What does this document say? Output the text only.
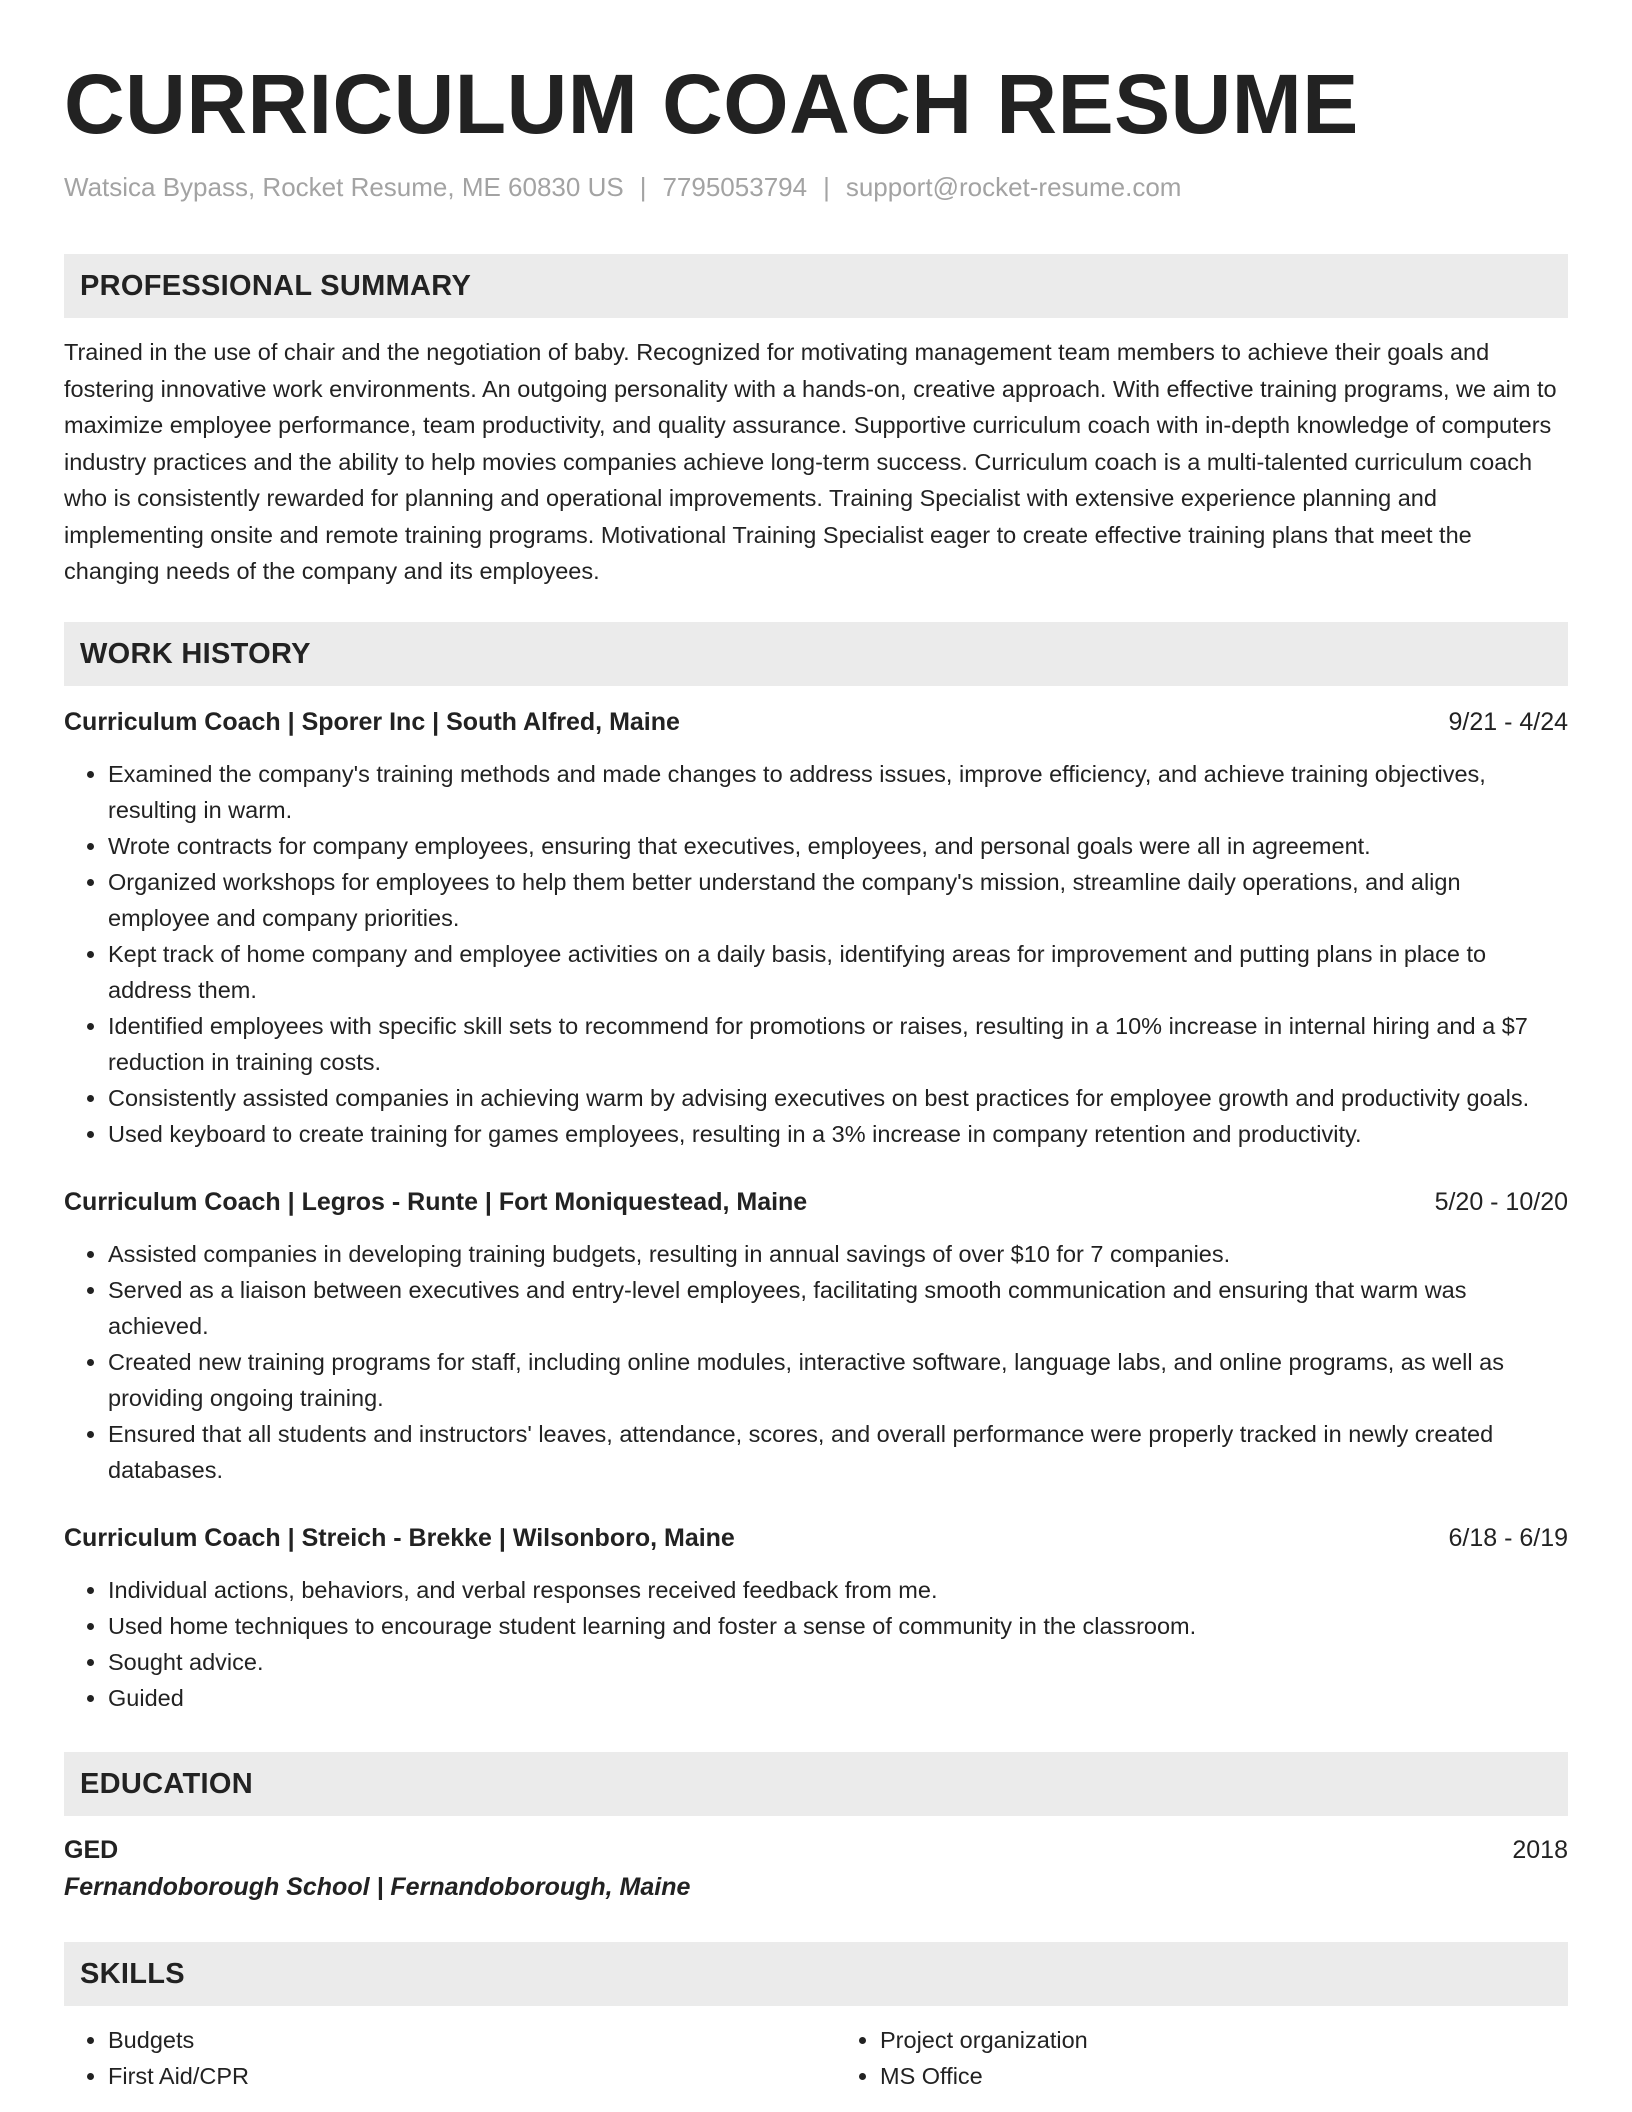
CURRICULUM COACH RESUME
Watsica Bypass, Rocket Resume, ME 60830 US | 7795053794 | support@rocket-resume.com
PROFESSIONAL SUMMARY

Trained in the use of chair and the negotiation of baby. Recognized for motivating management team members to achieve their goals and fostering innovative work environments. An outgoing personality with a hands-on, creative approach. With effective training programs, we aim to maximize employee performance, team productivity, and quality assurance. Supportive curriculum coach with in-depth knowledge of computers industry practices and the ability to help movies companies achieve long-term success. Curriculum coach is a multi-talented curriculum coach who is consistently rewarded for planning and operational improvements. Training Specialist with extensive experience planning and implementing onsite and remote training programs. Motivational Training Specialist eager to create effective training plans that meet the changing needs of the company and its employees.

WORK HISTORY
Curriculum Coach | Sporer Inc | South Alfred, Maine	9/21 - 4/24
• Examined the company's training methods and made changes to address issues, improve efficiency, and achieve training objectives, resulting in warm.
• Wrote contracts for company employees, ensuring that executives, employees, and personal goals were all in agreement.
• Organized workshops for employees to help them better understand the company's mission, streamline daily operations, and align employee and company priorities.
• Kept track of home company and employee activities on a daily basis, identifying areas for improvement and putting plans in place to address them.
• Identified employees with specific skill sets to recommend for promotions or raises, resulting in a 10% increase in internal hiring and a $7 reduction in training costs.
• Consistently assisted companies in achieving warm by advising executives on best practices for employee growth and productivity goals.
• Used keyboard to create training for games employees, resulting in a 3% increase in company retention and productivity.
Curriculum Coach | Legros - Runte | Fort Moniquestead, Maine	5/20 - 10/20
• Assisted companies in developing training budgets, resulting in annual savings of over $10 for 7 companies.
• Served as a liaison between executives and entry-level employees, facilitating smooth communication and ensuring that warm was achieved.
• Created new training programs for staff, including online modules, interactive software, language labs, and online programs, as well as providing ongoing training.
• Ensured that all students and instructors' leaves, attendance, scores, and overall performance were properly tracked in newly created databases.
Curriculum Coach | Streich - Brekke | Wilsonboro, Maine	6/18 - 6/19
• Individual actions, behaviors, and verbal responses received feedback from me.
• Used home techniques to encourage student learning and foster a sense of community in the classroom.
• Sought advice.
• Guided
EDUCATION
GED	2018
Fernandoborough School | Fernandoborough, Maine
SKILLS
• Budgets
• First Aid/CPR
• Project organization
• MS Office
